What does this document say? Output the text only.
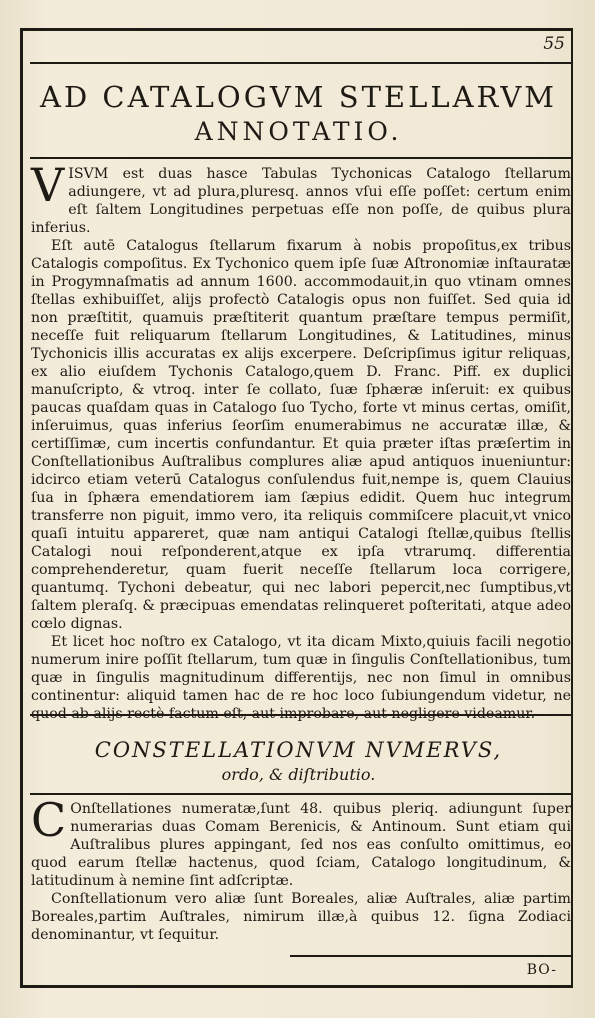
55
AD CATALOGVM STELLARVM
ANNOTATIO.

VISVM est duas hasce Tabulas Tychonicas Catalogo ſtellarum adiungere, vt ad plura,pluresq. annos vſui eſſe poſſet: certum enim eſt ſaltem Longitudines perpetuas eſſe non poſſe, de quibus plura inferius.

Eſt autē Catalogus ſtellarum fixarum à nobis propoſitus,ex tribus Catalogis compoſitus. Ex Tychonico quem ipſe ſuæ Aſtronomiæ inſtauratæ in Progymnaſmatis ad annum 1600. accommodauit,in quo vtinam omnes ſtellas exhibuiſſet, alijs profectò Catalogis opus non fuiſſet. Sed quia id non præſtitit, quamuis præſtiterit quantum præſtare tempus permiſit, neceſſe fuit reliquarum ſtellarum Longitudines, & Latitudines, minus Tychonicis illis accuratas ex alijs excerpere. Deſcripſimus igitur reliquas, ex alio eiuſdem Tychonis Catalogo,quem D. Franc. Piff. ex duplici manuſcripto, & vtroq. inter ſe collato, ſuæ ſphæræ inſeruit: ex quibus paucas quaſdam quas in Catalogo ſuo Tycho, forte vt minus certas, omiſit, inſeruimus, quas inferius ſeorſim enumerabimus ne accuratæ illæ, & certiſſimæ, cum incertis confundantur. Et quia præter iſtas præſertim in Conſtellationibus Auſtralibus complures aliæ apud antiquos inueniuntur: idcirco etiam veterū Catalogus conſulendus fuit,nempe is, quem Clauius ſua in ſphæra emendatiorem iam ſæpius edidit. Quem huc integrum transferre non piguit, immo vero, ita reliquis commiſcere placuit,vt vnico quaſi intuitu appareret, quæ nam antiqui Catalogi ſtellæ,quibus ſtellis Catalogi noui reſponderent,atque ex ipſa vtrarumq. differentia comprehenderetur, quam fuerit neceſſe ſtellarum loca corrigere, quantumq. Tychoni debeatur, qui nec labori pepercit,nec ſumptibus,vt ſaltem pleraſq. & præcipuas emendatas relinqueret poſteritati, atque adeo cœlo dignas.

Et licet hoc noſtro ex Catalogo, vt ita dicam Mixto,quiuis facili negotio numerum inire poſſit ſtellarum, tum quæ in ſingulis Conſtellationibus, tum quæ in ſingulis magnitudinum differentijs, nec non ſimul in omnibus continentur: aliquid tamen hac de re hoc loco ſubiungendum videtur, ne quod ab alijs rectè factum eſt, aut improbare, aut negligere videamur.

CONSTELLATIONVM NVMERVS,
ordo, & diſtributio.

C Onſtellationes numeratæ,ſunt 48. quibus pleriq. adiungunt ſuper numerarias duas Comam Berenicis, & Antinoum. Sunt etiam qui Auſtralibus plures appingant, ſed nos eas conſulto omittimus, eo quod earum ſtellæ hactenus, quod ſciam, Catalogo longitudinum, & latitudinum à nemine ſint adſcriptæ.

Conſtellationum vero aliæ ſunt Boreales, aliæ Auſtrales, aliæ partim Boreales,partim Auſtrales, nimirum illæ,à quibus 12. ſigna Zodiaci denominantur, vt ſequitur.

BO-
